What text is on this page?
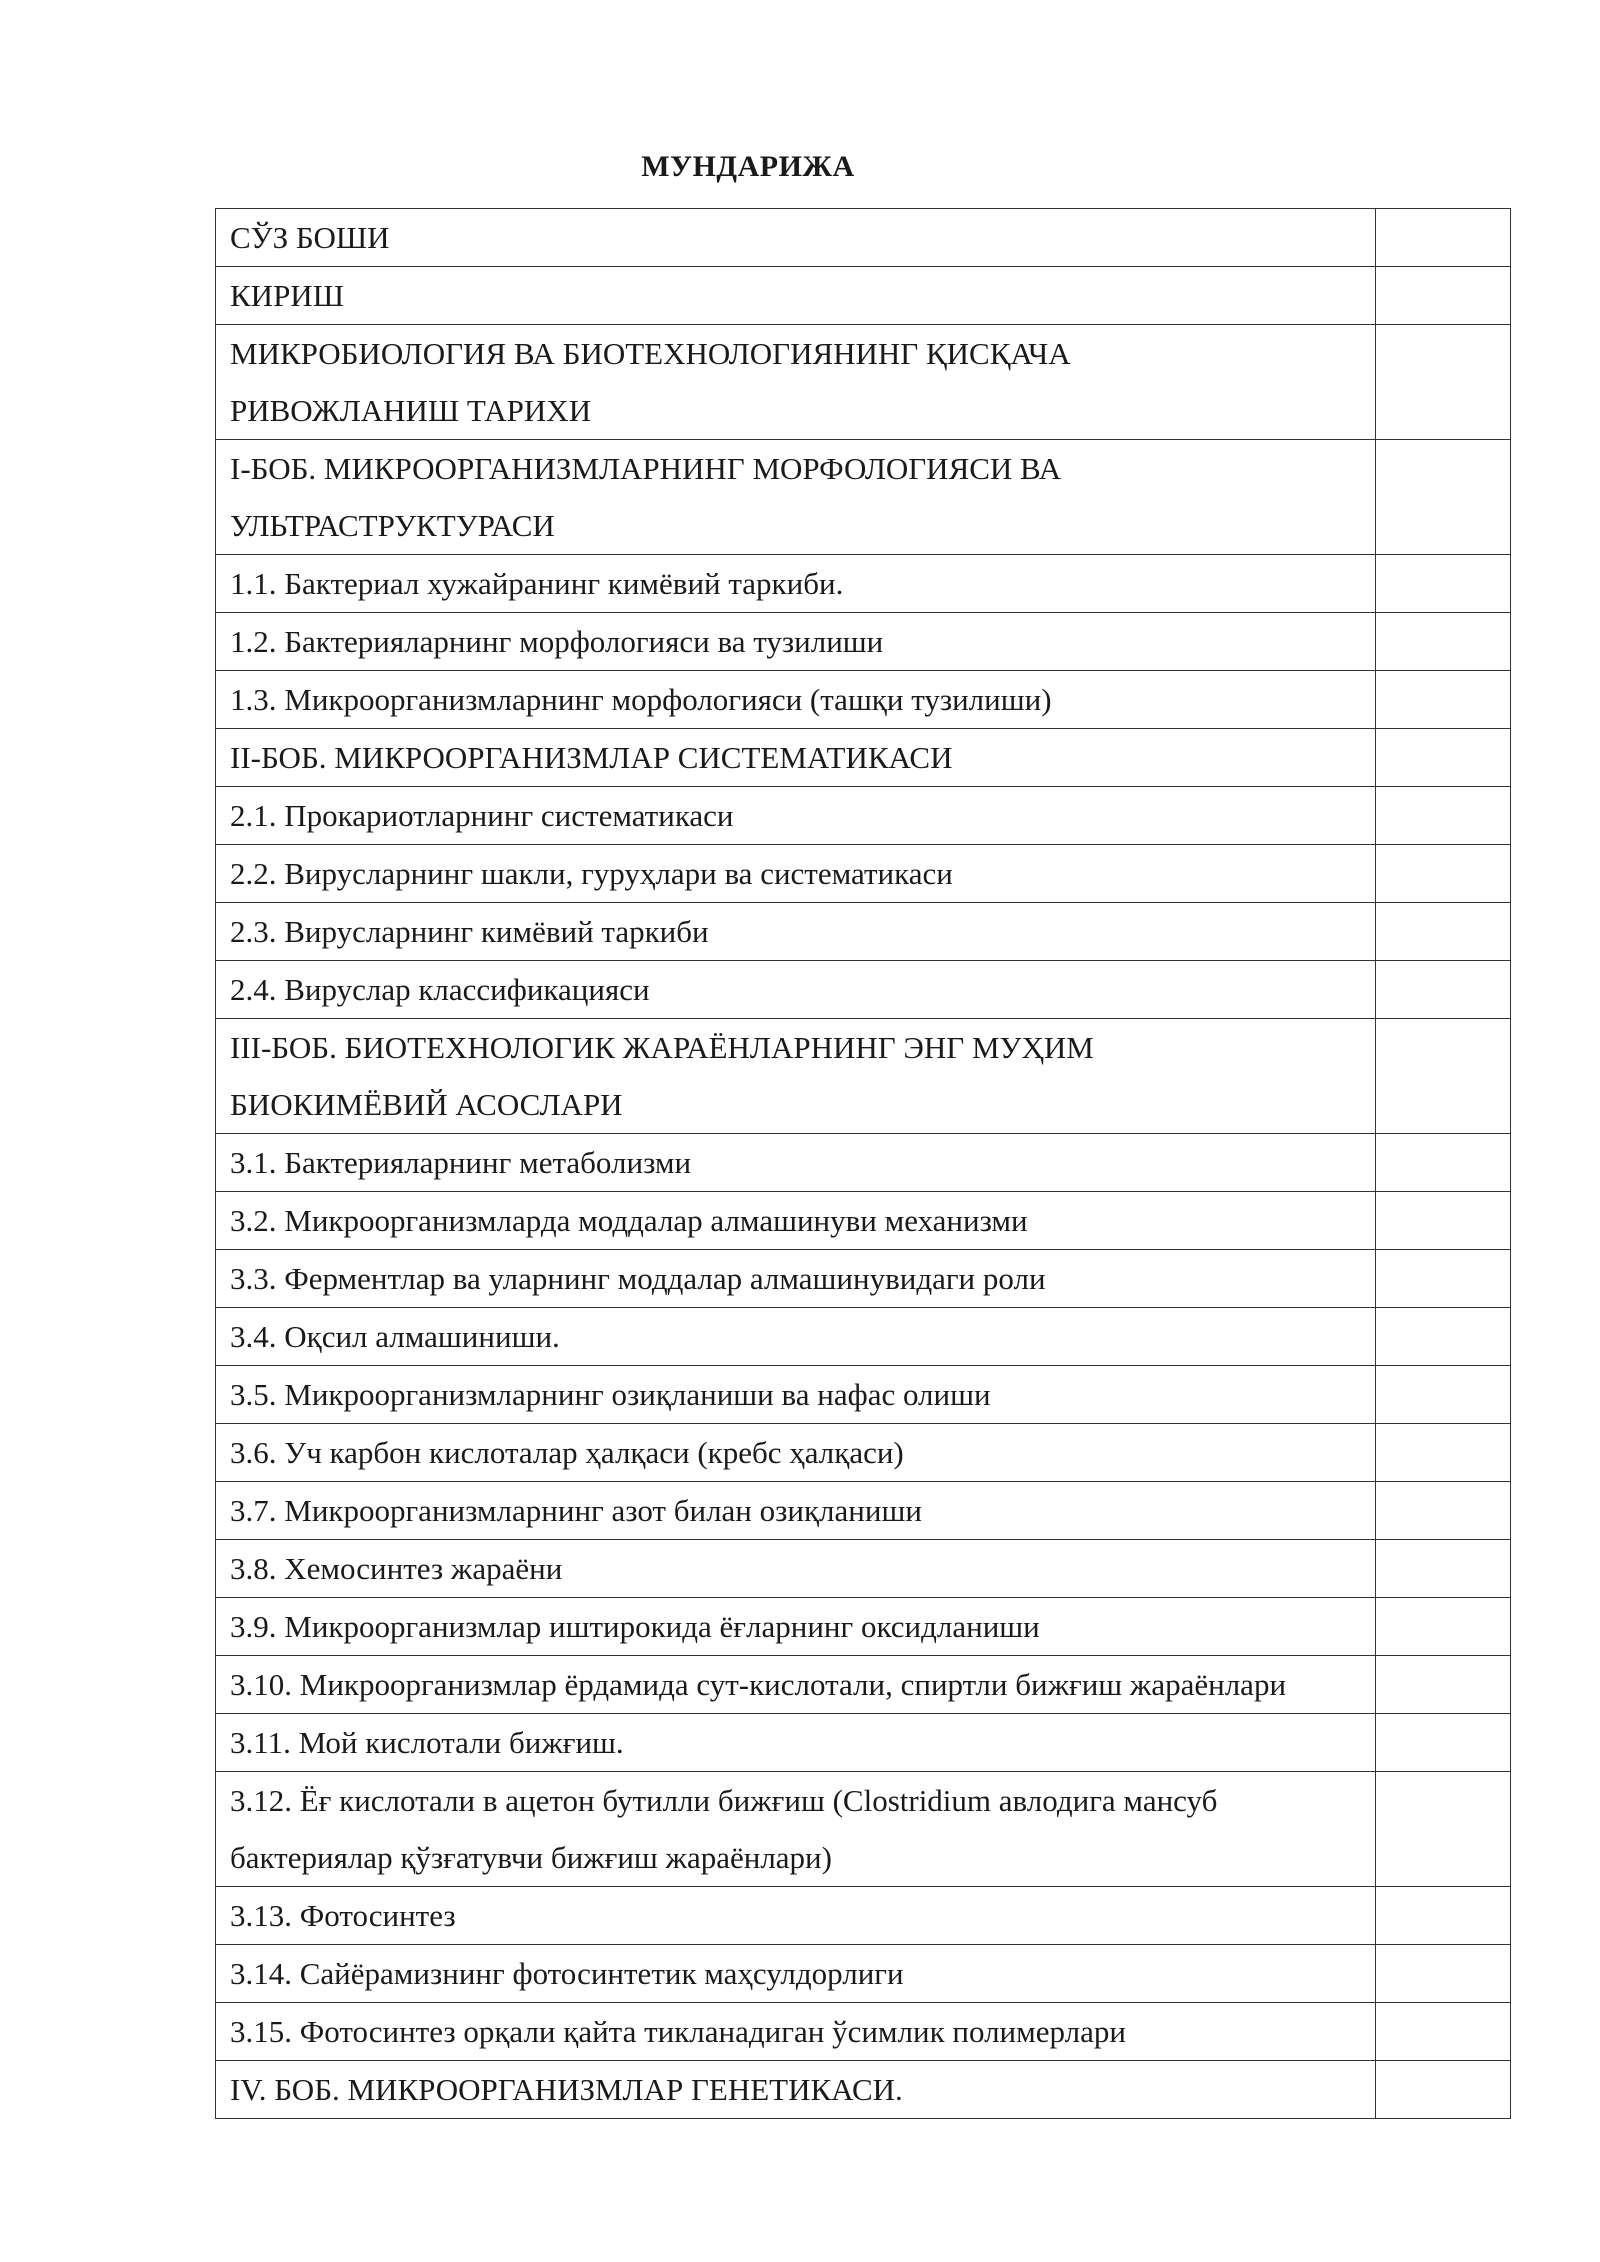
МУНДАРИЖА
СЎЗ БОШИ	
КИРИШ	
МИКРОБИОЛОГИЯ ВА БИОТЕХНОЛОГИЯНИНГ ҚИСҚАЧА
РИВОЖЛАНИШ ТАРИХИ	
I-БОБ. МИКРООРГАНИЗМЛАРНИНГ МОРФОЛОГИЯСИ ВА
УЛЬТРАСТРУКТУРАСИ	
1.1. Бактериал хужайранинг кимёвий таркиби.	
1.2. Бактерияларнинг морфологияси ва тузилиши	
1.3. Микроорганизмларнинг морфологияси (ташқи тузилиши)	
II-БОБ. МИКРООРГАНИЗМЛАР СИСТЕМАТИКАСИ	
2.1. Прокариотларнинг систематикаси	
2.2. Вирусларнинг шакли, гуруҳлари ва систематикаси	
2.3. Вирусларнинг кимёвий таркиби	
2.4. Вируслар классификацияси	
III-БОБ. БИОТЕХНОЛОГИК ЖАРАЁНЛАРНИНГ ЭНГ МУҲИМ
БИОКИМЁВИЙ АСОСЛАРИ	
3.1. Бактерияларнинг метаболизми	
3.2. Микроорганизмларда моддалар алмашинуви механизми	
3.3. Ферментлар ва уларнинг моддалар алмашинувидаги роли	
3.4. Оқсил алмашиниши.	
3.5. Микроорганизмларнинг озиқланиши ва нафас олиши	
3.6. Уч карбон кислоталар ҳалқаси (кребс ҳалқаси)	
3.7. Микроорганизмларнинг азот билан озиқланиши	
3.8. Хемосинтез жараёни	
3.9. Микроорганизмлар иштирокида ёғларнинг оксидланиши	
3.10. Микроорганизмлар ёрдамида сут-кислотали, спиртли бижғиш жараёнлари	
3.11. Мой кислотали бижғиш.	
3.12. Ёғ кислотали в ацетон бутилли бижғиш (Clostridium авлодига мансуб
бактериялар қўзғатувчи бижғиш жараёнлари)	
3.13. Фотосинтез	
3.14. Сайёрамизнинг фотосинтетик маҳсулдорлиги	
3.15. Фотосинтез орқали қайта тикланадиган ўсимлик полимерлари	
IV. БОБ. МИКРООРГАНИЗМЛАР ГЕНЕТИКАСИ.	
